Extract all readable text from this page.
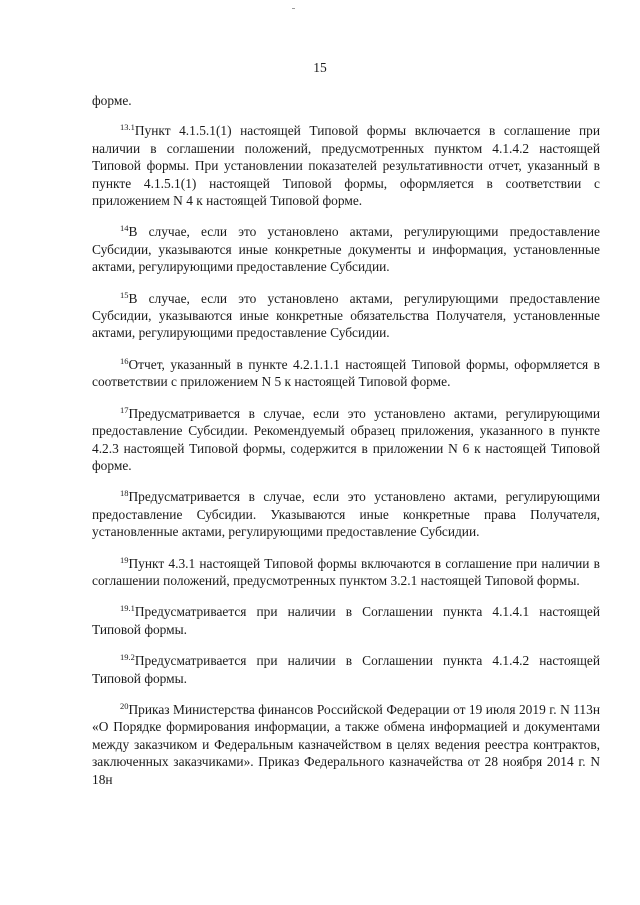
15

форме.

$^{13.1}$Пункт 4.1.5.1(1) настоящей Типовой формы включается в соглашение при наличии в соглашении положений, предусмотренных пунктом 4.1.4.2 настоящей Типовой формы. При установлении показателей результативности отчет, указанный в пункте 4.1.5.1(1) настоящей Типовой формы, оформляется в соответствии с приложением N 4 к настоящей Типовой форме.

$^{14}$В случае, если это установлено актами, регулирующими предоставление Субсидии, указываются иные конкретные документы и информация, установленные актами, регулирующими предоставление Субсидии.

$^{15}$В случае, если это установлено актами, регулирующими предоставление Субсидии, указываются иные конкретные обязательства Получателя, установленные актами, регулирующими предоставление Субсидии.

$^{16}$Отчет, указанный в пункте 4.2.1.1.1 настоящей Типовой формы, оформляется в соответствии с приложением N 5 к настоящей Типовой форме.

$^{17}$Предусматривается в случае, если это установлено актами, регулирующими предоставление Субсидии. Рекомендуемый образец приложения, указанного в пункте 4.2.3 настоящей Типовой формы, содержится в приложении N 6 к настоящей Типовой форме.

$^{18}$Предусматривается в случае, если это установлено актами, регулирующими предоставление Субсидии. Указываются иные конкретные права Получателя, установленные актами, регулирующими предоставление Субсидии.

$^{19}$Пункт 4.3.1 настоящей Типовой формы включаются в соглашение при наличии в соглашении положений, предусмотренных пунктом 3.2.1 настоящей Типовой формы.

$^{19.1}$Предусматривается при наличии в Соглашении пункта 4.1.4.1 настоящей Типовой формы.

$^{19.2}$Предусматривается при наличии в Соглашении пункта 4.1.4.2 настоящей Типовой формы.

$^{20}$Приказ Министерства финансов Российской Федерации от 19 июля 2019 г. N 113н «О Порядке формирования информации, а также обмена информацией и документами между заказчиком и Федеральным казначейством в целях ведения реестра контрактов, заключенных заказчиками». Приказ Федерального казначейства от 28 ноября 2014 г. N 18н
